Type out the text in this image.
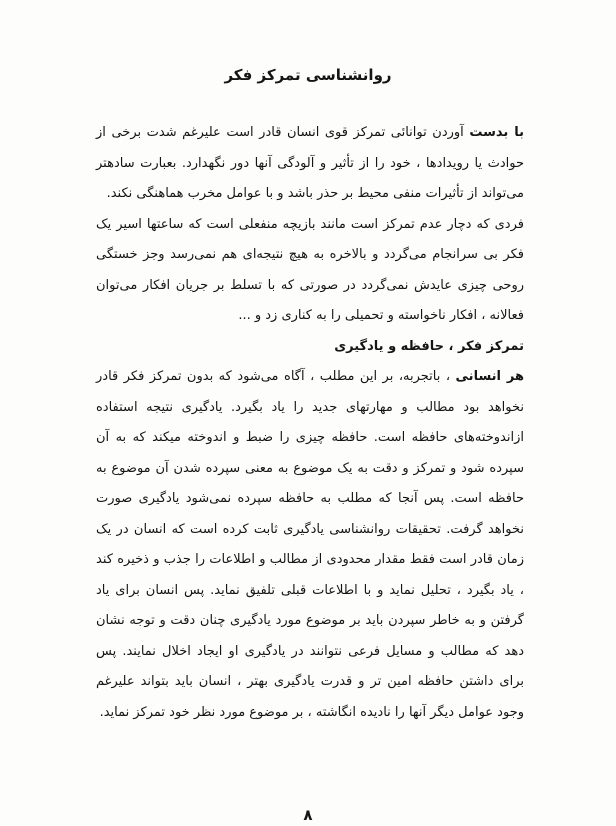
روانشناسی تمرکز فکر

با بدست آوردن توانائی تمرکز قوی انسان قادر است علیرغم شدت برخی از حوادث یا رویدادها ، خود را از تأثیر و آلودگی آنها دور نگهدارد. بعبارت سادهتر می‌تواند از تأثیرات منفی محیط بر حذر باشد و با عوامل مخرب هماهنگی نکند.

فردی که دچار عدم تمرکز است مانند بازیچه منفعلی است که ساعتها اسیر یک فکر بی سرانجام می‌گردد و بالاخره به هیچ نتیجه‌ای هم نمی‌رسد وجز خستگی روحی چیزی عایدش نمی‌گردد در صورتی که با تسلط بر جریان افکار می‌توان فعالانه ، افکار ناخواسته و تحمیلی را به کناری زد و ...

تمرکز فکر ، حافظه و یادگیری

هر انسانی ، باتجربه، بر این مطلب ، آگاه می‌شود که بدون تمرکز فکر قادر نخواهد بود مطالب و مهارتهای جدید را یاد بگیرد. یادگیری نتیجه استفاده ازاندوخته‌های حافظه است. حافظه چیزی را ضبط و اندوخته میکند که به آن سپرده شود و تمرکز و دقت به یک موضوع به معنی سپرده شدن آن موضوع به حافظه است. پس آنجا که مطلب به حافظه سپرده نمی‌شود یادگیری صورت نخواهد گرفت. تحقیقات روانشناسی یادگیری ثابت کرده است که انسان در یک زمان قادر است فقط مقدار محدودی از مطالب و اطلاعات را جذب و ذخیره کند ، یاد بگیرد ، تحلیل نماید و با اطلاعات قبلی تلفیق نماید. پس انسان برای یاد گرفتن و به خاطر سپردن باید بر موضوع مورد یادگیری چنان دقت و توجه نشان دهد که مطالب و مسایل فرعی نتوانند در یادگیری او ایجاد اخلال نمایند. پس برای داشتن حافظه امین تر و قدرت یادگیری بهتر ، انسان باید بتواند علیرغم وجود عوامل دیگر آنها را نادیده انگاشته ، بر موضوع مورد نظر خود تمرکز نماید.

۸
